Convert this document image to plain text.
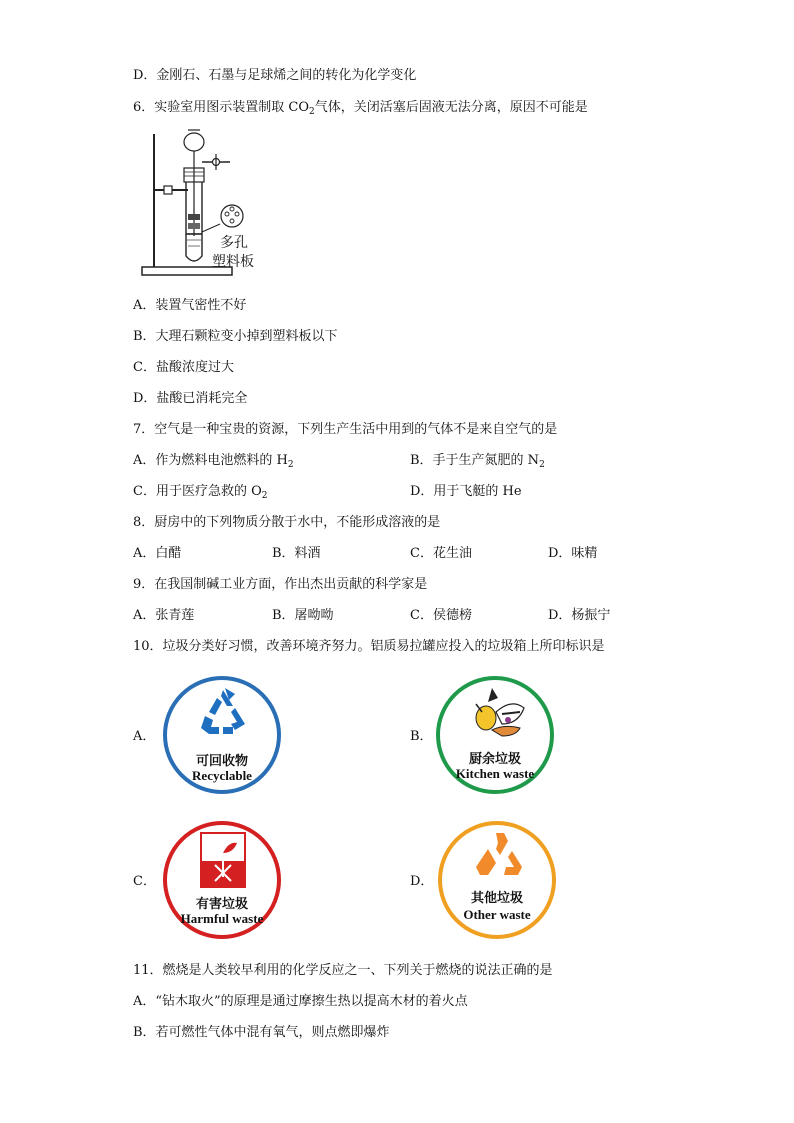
D．金刚石、石墨与足球烯之间的转化为化学变化
6．实验室用图示装置制取 $CO_2$气体，关闭活塞后固液无法分离，原因不可能是
多孔
塑料板
A．装置气密性不好
B．大理石颗粒变小掉到塑料板以下
C．盐酸浓度过大
D．盐酸已消耗完全
7．空气是一种宝贵的资源，下列生产生活中用到的气体不是来自空气的是
A．作为燃料电池燃料的 $H_2$	B．手于生产氮肥的 $N_2$
C．用于医疗急救的 $O_2$	D．用于飞艇的 He
8．厨房中的下列物质分散于水中，不能形成溶液的是
A．白醋	B．料酒	C．花生油	D．味精
9．在我国制碱工业方面，作出杰出贡献的科学家是
A．张青莲	B．屠呦呦	C．侯德榜	D．杨振宁
10．垃圾分类好习惯，改善环境齐努力。铝质易拉罐应投入的垃圾箱上所印标识是
A．
可回收物
Recyclable
B．
厨余垃圾
Kitchen waste
C．
有害垃圾
Harmful waste
D．
其他垃圾
Other waste
11．燃烧是人类较早利用的化学反应之一、下列关于燃烧的说法正确的是
A．“钻木取火”的原理是通过摩擦生热以提高木材的着火点
B．若可燃性气体中混有氧气，则点燃即爆炸
